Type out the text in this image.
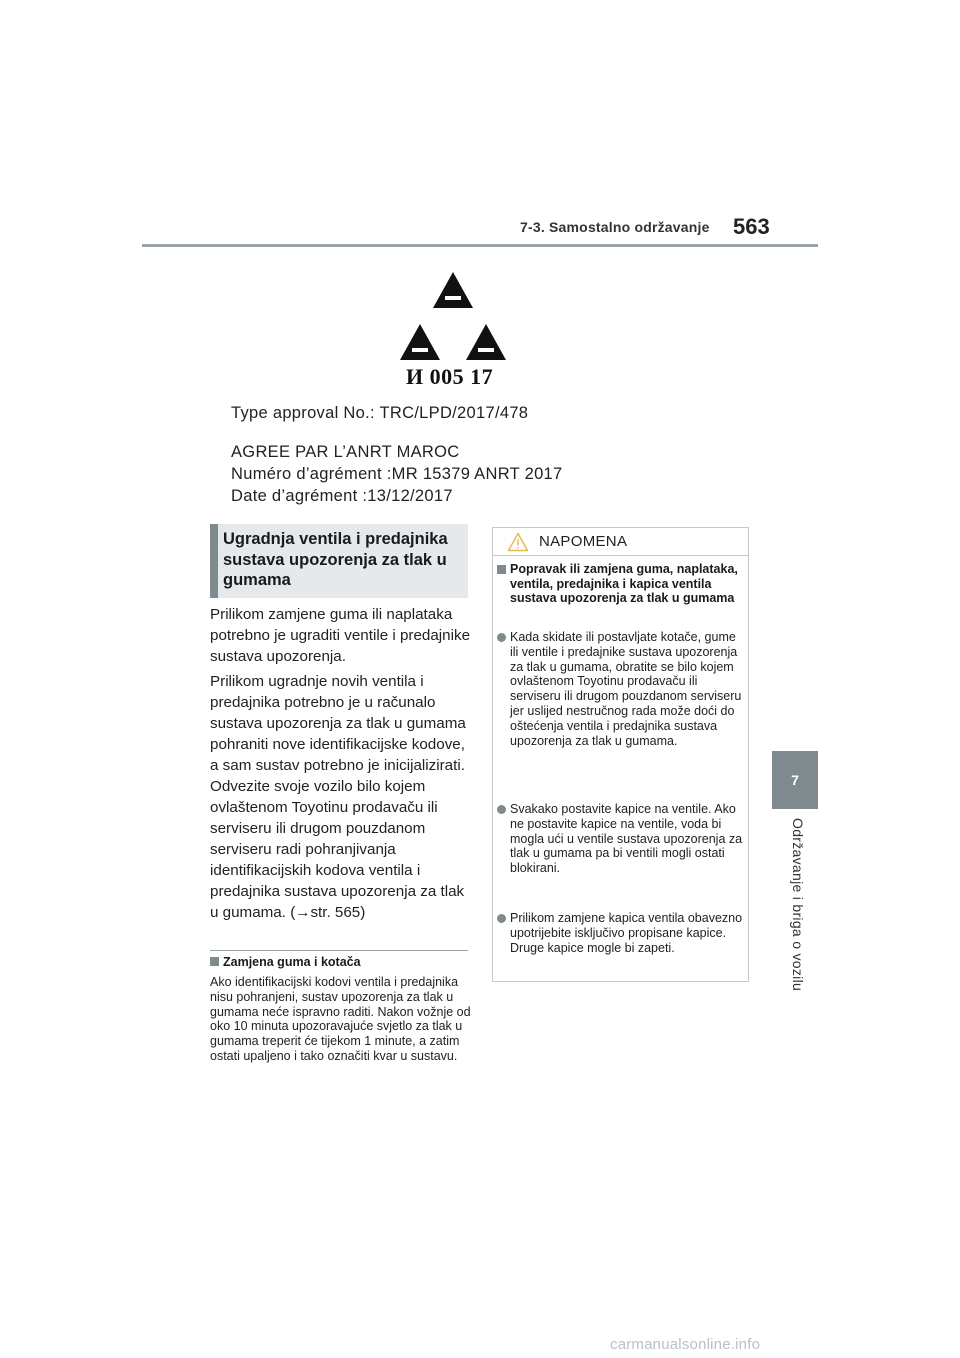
7-3. Samostalno održavanje 563
7
Održavanje i briga o vozilu
И 005 17
Type approval No.: TRC/LPD/2017/478
AGREE PAR L’ANRT MAROC
Numéro d’agrément :MR 15379 ANRT 2017
Date d’agrément :13/12/2017
Ugradnja ventila i predajnika sustava upozorenja za tlak u gumama
Prilikom zamjene guma ili naplataka potrebno je ugraditi ventile i predajnike sustava upozorenja.
Prilikom ugradnje novih ventila i predajnika potrebno je u računalo sustava upozorenja za tlak u gumama pohraniti nove identifikacijske kodove, a sam sustav potrebno je inicijalizirati. Odvezite svoje vozilo bilo kojem ovlaštenom Toyotinu prodavaču ili serviseru ili drugom pouzdanom serviseru radi pohranjivanja identifikacijskih kodova ventila i predajnika sustava upozorenja za tlak u gumama. (→str. 565)
Zamjena guma i kotača
Ako identifikacijski kodovi ventila i predajnika nisu pohranjeni, sustav upozorenja za tlak u gumama neće ispravno raditi. Nakon vožnje od oko 10 minuta upozoravajuće svjetlo za tlak u gumama treperit će tijekom 1 minute, a zatim ostati upaljeno i tako označiti kvar u sustavu.
NAPOMENA
Popravak ili zamjena guma, naplataka, ventila, predajnika i kapica ventila sustava upozorenja za tlak u gumama
Kada skidate ili postavljate kotače, gume ili ventile i predajnike sustava upozorenja za tlak u gumama, obratite se bilo kojem ovlaštenom Toyotinu prodavaču ili serviseru ili drugom pouzdanom serviseru jer uslijed nestručnog rada može doći do oštećenja ventila i predajnika sustava upozorenja za tlak u gumama.
Svakako postavite kapice na ventile. Ako ne postavite kapice na ventile, voda bi mogla ući u ventile sustava upozorenja za tlak u gumama pa bi ventili mogli ostati blokirani.
Prilikom zamjene kapica ventila obavezno upotrijebite isključivo propisane kapice. Druge kapice mogle bi zapeti.
carmanualsonline.info
